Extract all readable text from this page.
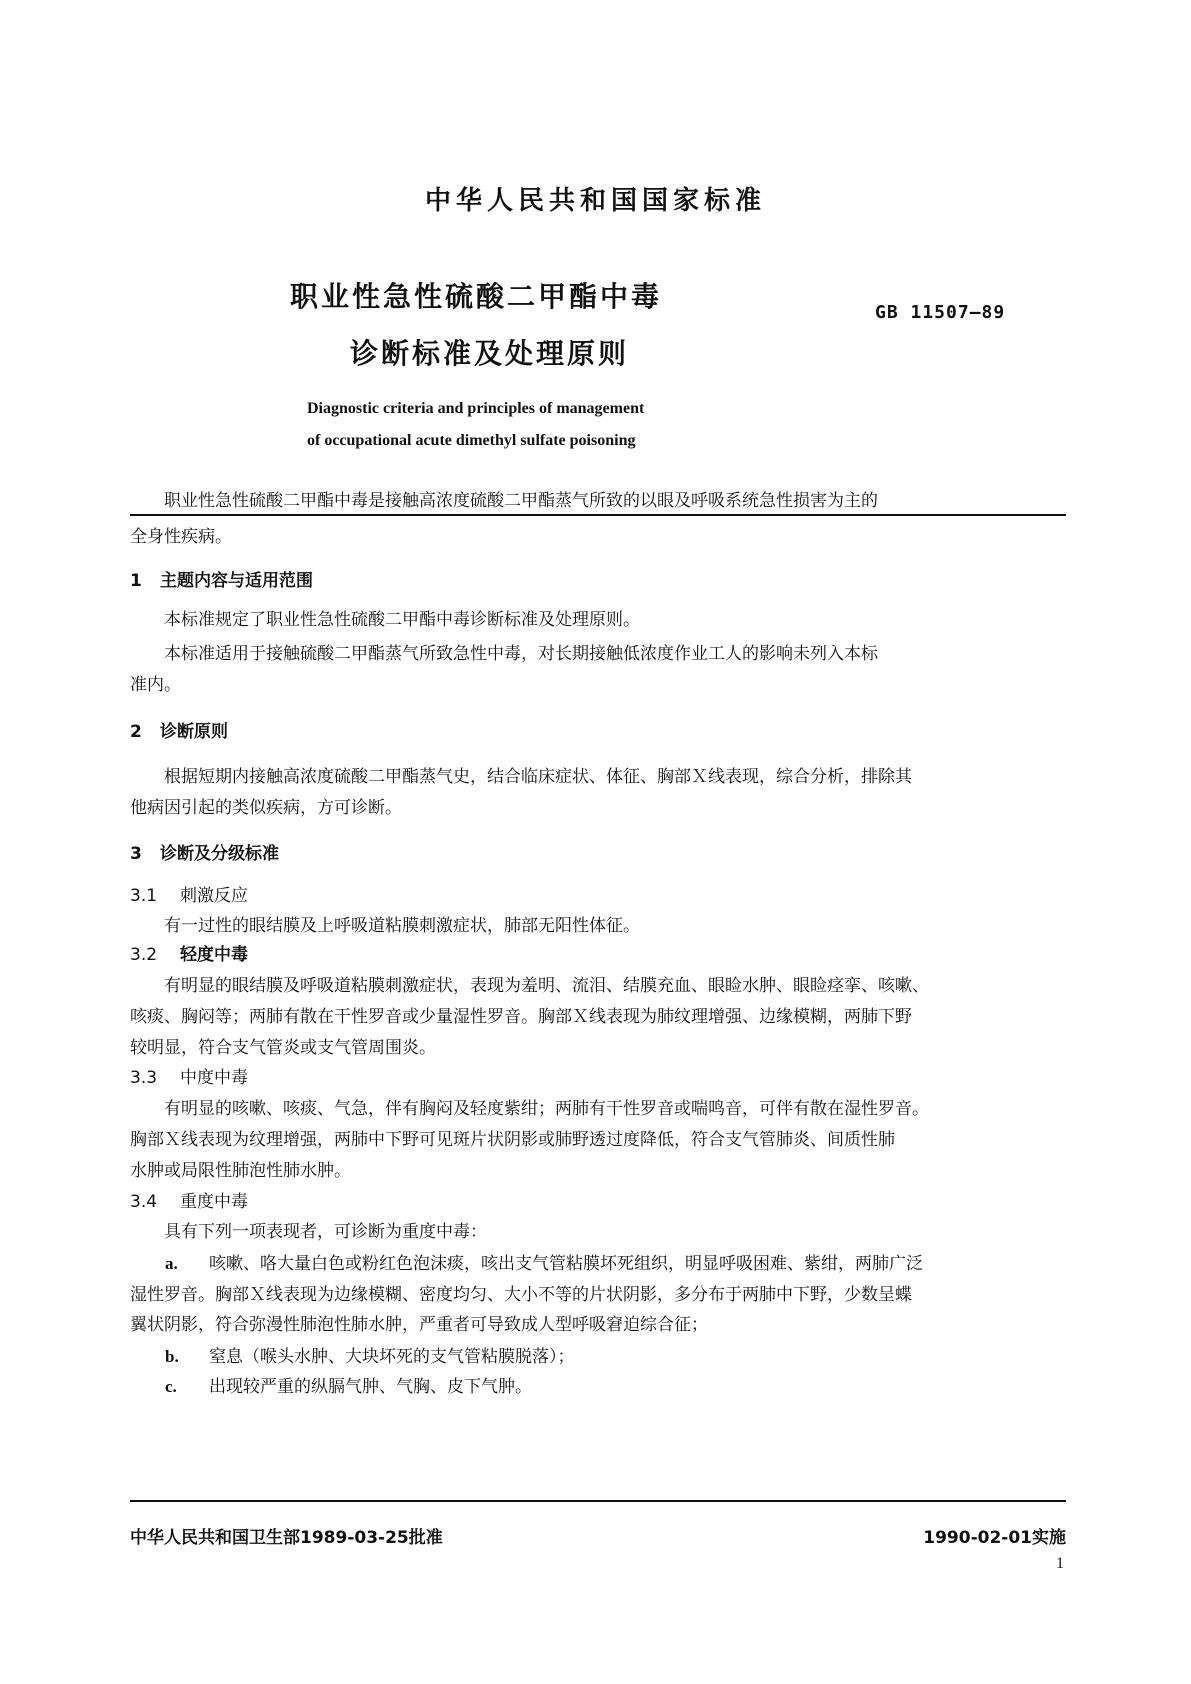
中华人民共和国国家标准
职业性急性硫酸二甲酯中毒
诊断标准及处理原则
GB 11507—89
Diagnostic criteria and principles of management
of occupational acute dimethyl sulfate poisoning
职业性急性硫酸二甲酯中毒是接触高浓度硫酸二甲酯蒸气所致的以眼及呼吸系统急性损害为主的
全身性疾病。
1 主题内容与适用范围
本标准规定了职业性急性硫酸二甲酯中毒诊断标准及处理原则。
本标准适用于接触硫酸二甲酯蒸气所致急性中毒，对长期接触低浓度作业工人的影响未列入本标
准内。
2 诊断原则
根据短期内接触高浓度硫酸二甲酯蒸气史，结合临床症状、体征、胸部Ｘ线表现，综合分析，排除其
他病因引起的类似疾病，方可诊断。
3 诊断及分级标准
3.1 刺激反应
有一过性的眼结膜及上呼吸道粘膜刺激症状，肺部无阳性体征。
3.2 轻度中毒
有明显的眼结膜及呼吸道粘膜刺激症状，表现为羞明、流泪、结膜充血、眼睑水肿、眼睑痉挛、咳嗽、
咳痰、胸闷等；两肺有散在干性罗音或少量湿性罗音。胸部Ｘ线表现为肺纹理增强、边缘模糊，两肺下野
较明显，符合支气管炎或支气管周围炎。
3.3 中度中毒
有明显的咳嗽、咳痰、气急，伴有胸闷及轻度紫绀；两肺有干性罗音或喘鸣音，可伴有散在湿性罗音。
胸部Ｘ线表现为纹理增强，两肺中下野可见斑片状阴影或肺野透过度降低，符合支气管肺炎、间质性肺
水肿或局限性肺泡性肺水肿。
3.4 重度中毒
具有下列一项表现者，可诊断为重度中毒：
a. 咳嗽、咯大量白色或粉红色泡沫痰，咳出支气管粘膜坏死组织，明显呼吸困难、紫绀，两肺广泛
湿性罗音。胸部Ｘ线表现为边缘模糊、密度均匀、大小不等的片状阴影，多分布于两肺中下野，少数呈蝶
翼状阴影，符合弥漫性肺泡性肺水肿，严重者可导致成人型呼吸窘迫综合征；
b. 窒息（喉头水肿、大块坏死的支气管粘膜脱落）；
c. 出现较严重的纵膈气肿、气胸、皮下气肿。
中华人民共和国卫生部1989-03-25批准	1990-02-01实施
1
